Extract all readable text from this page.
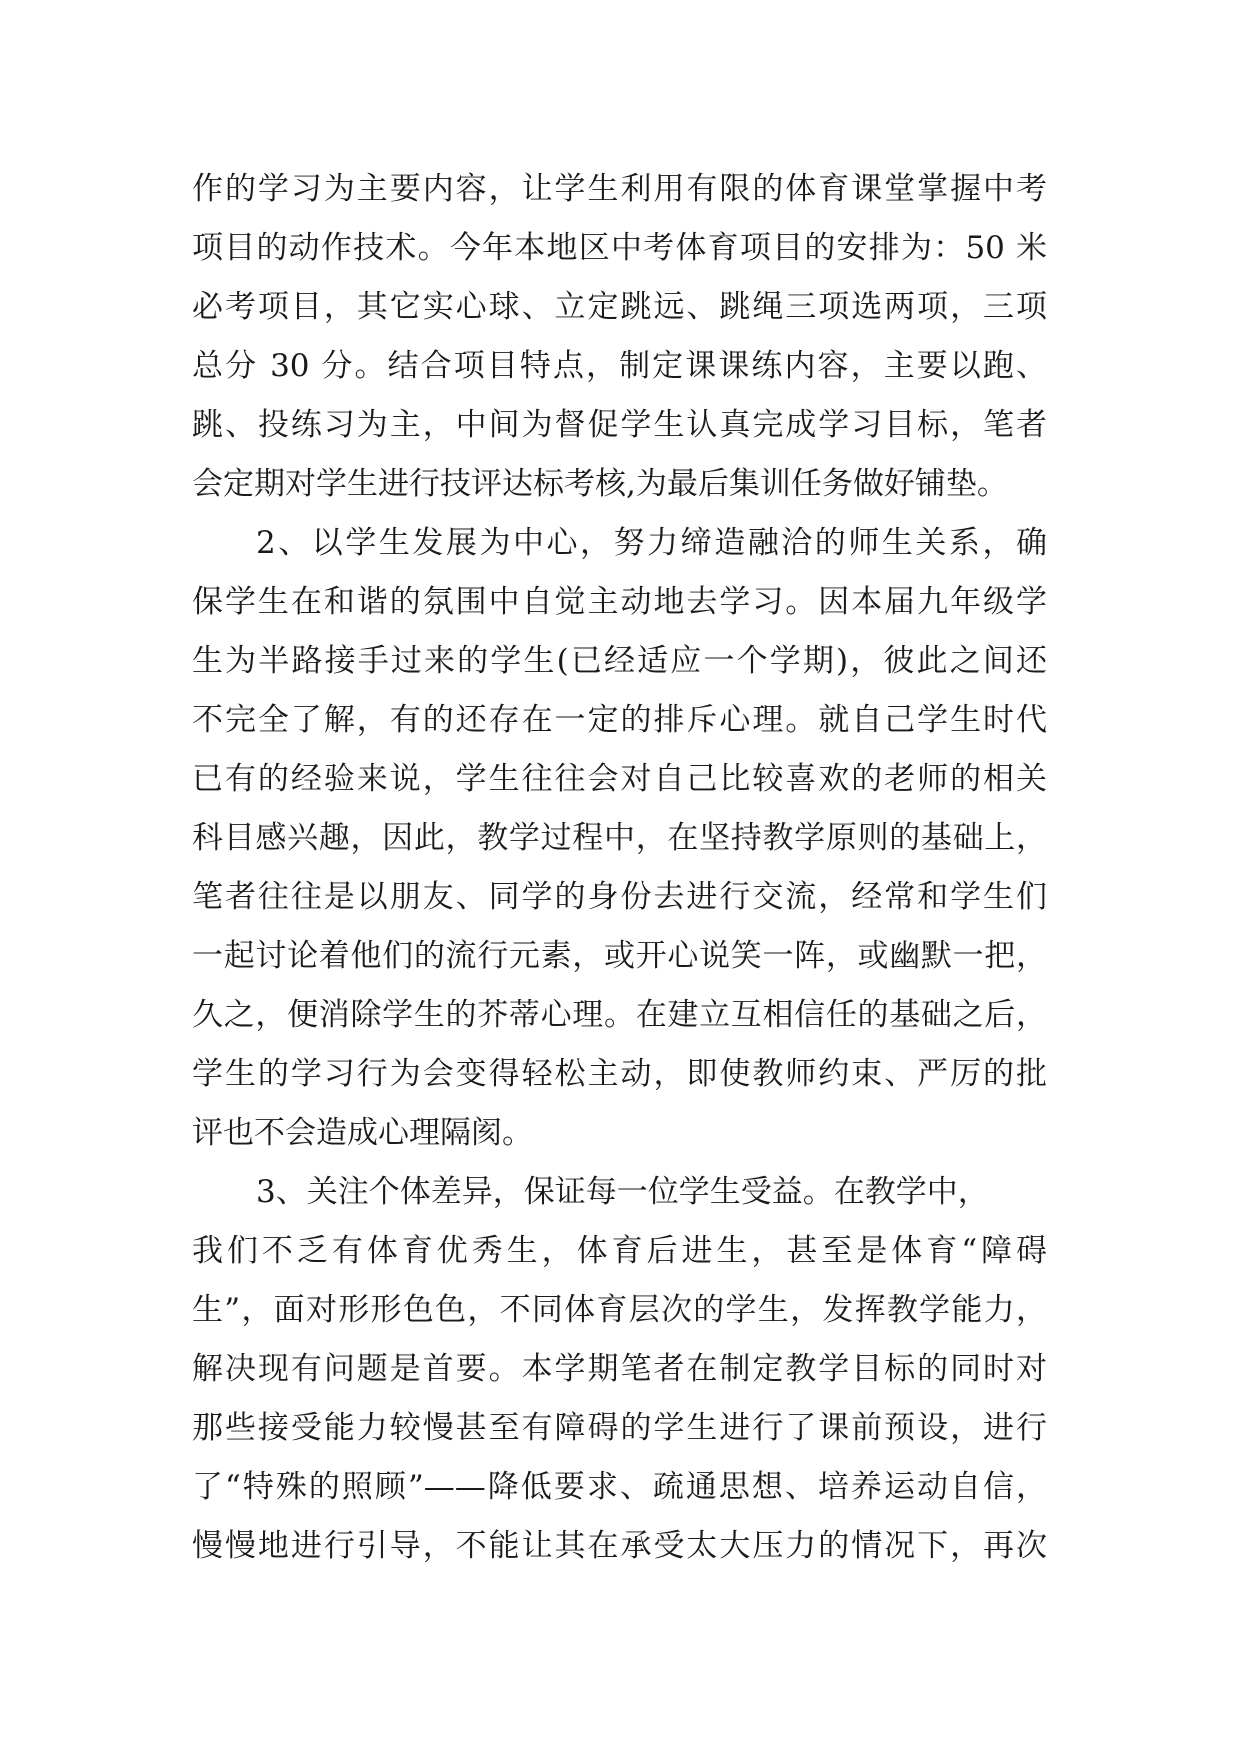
作的学习为主要内容，让学生利用有限的体育课堂掌握中考
项目的动作技术。今年本地区中考体育项目的安排为：50 米
必考项目，其它实心球、立定跳远、跳绳三项选两项，三项
总分 30 分。结合项目特点，制定课课练内容，主要以跑、
跳、投练习为主，中间为督促学生认真完成学习目标，笔者
会定期对学生进行技评达标考核,为最后集训任务做好铺垫。
2、以学生发展为中心，努力缔造融洽的师生关系，确
保学生在和谐的氛围中自觉主动地去学习。因本届九年级学
生为半路接手过来的学生(已经适应一个学期)，彼此之间还
不完全了解，有的还存在一定的排斥心理。就自己学生时代
已有的经验来说，学生往往会对自己比较喜欢的老师的相关
科目感兴趣，因此，教学过程中，在坚持教学原则的基础上，
笔者往往是以朋友、同学的身份去进行交流，经常和学生们
一起讨论着他们的流行元素，或开心说笑一阵，或幽默一把，
久之，便消除学生的芥蒂心理。在建立互相信任的基础之后，
学生的学习行为会变得轻松主动，即使教师约束、严厉的批
评也不会造成心理隔阂。
3、关注个体差异，保证每一位学生受益。在教学中，
我们不乏有体育优秀生，体育后进生，甚至是体育“障碍
生”，面对形形色色，不同体育层次的学生，发挥教学能力，
解决现有问题是首要。本学期笔者在制定教学目标的同时对
那些接受能力较慢甚至有障碍的学生进行了课前预设，进行
了“特殊的照顾”——降低要求、疏通思想、培养运动自信，
慢慢地进行引导，不能让其在承受太大压力的情况下，再次
